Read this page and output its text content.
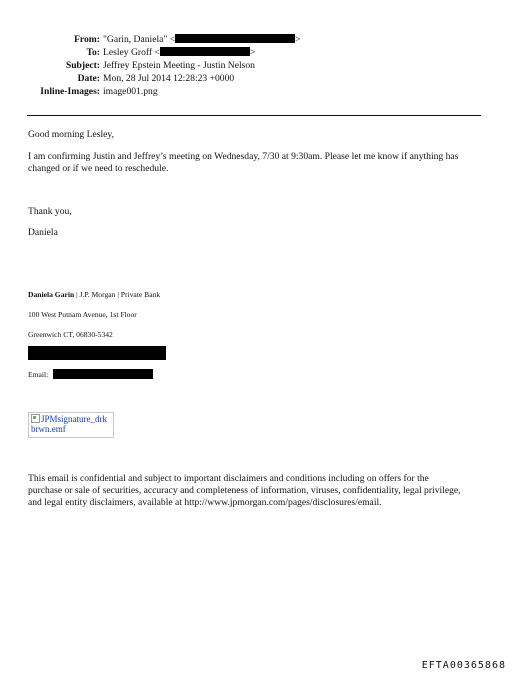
From: "Garin, Daniela" <	>
To: Lesley Groff <	>
Subject: Jeffrey Epstein Meeting - Justin Nelson
Date: Mon, 28 Jul 2014 12:28:23 +0000
Inline-Images: image001.png
Good morning Lesley,
I am confirming Justin and Jeffrey’s meeting on Wednesday, 7/30 at 9:30am. Please let me know if anything has
changed or if we need to reschedule.
Thank you,
Daniela
Daniela Garin | J.P. Morgan | Private Bank
100 West Putnam Avenue, 1st Floor
Greenwich CT, 06830-5342
Email:
JPMsignature_drk
brwn.emf
This email is confidential and subject to important disclaimers and conditions including on offers for the
purchase or sale of securities, accuracy and completeness of information, viruses, confidentiality, legal privilege,
and legal entity disclaimers, available at http://www.jpmorgan.com/pages/disclosures/email.
EFTA00365868
